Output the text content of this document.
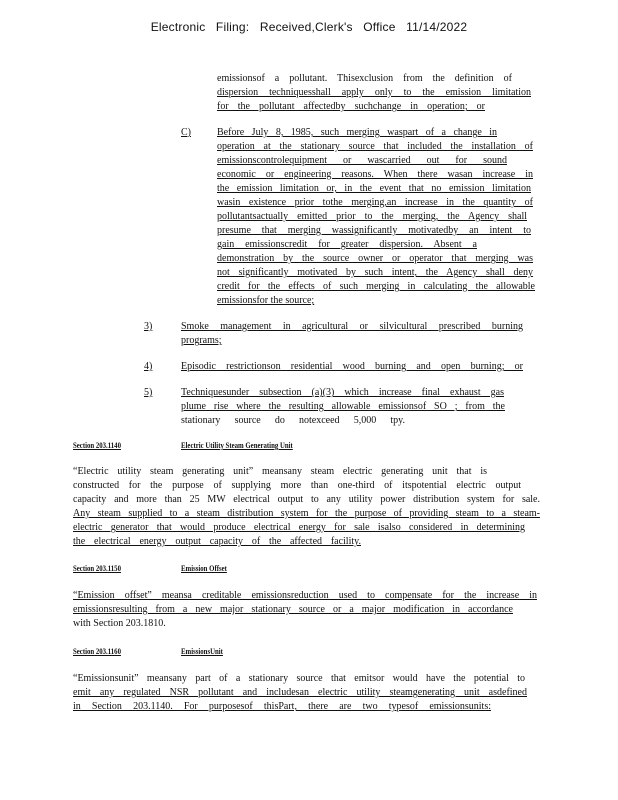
Electronic Filing: Received,Clerk's Office 11/14/2022
emissionsof a pollutant. Thisexclusion from the definition of
dispersion techniquesshall apply only to the emission limitation
for the pollutant affectedby suchchange in operation; or
C)	Before July 8, 1985, such merging waspart of a change in
operation at the stationary source that included the installation of
emissionscontrolequipment or wascarried out for sound
economic or engineering reasons. When there wasan increase in
the emission limitation or, in the event that no emission limitation
wasin existence prior tothe merging,an increase in the quantity of
pollutantsactually emitted prior to the merging, the Agency shall
presume that merging wassignificantly motivatedby an intent to
gain emissionscredit for greater dispersion. Absent a
demonstration by the source owner or operator that merging was
not significantly motivated by such intent, the Agency shall deny
credit for the effects of such merging in calculating the allowable
emissionsfor the source;
3)	Smoke management in agricultural or silvicultural prescribed burning
programs;
4)	Episodic restrictionson residential wood burning and open burning; or
5)	Techniquesunder subsection (a)(3) which increase final exhaust gas
plume rise where the resulting allowable emissionsof SO ; from the
stationary source do notexceed 5,000 tpy.
Section 203.1140	Electric Utility Steam Generating Unit
“Electric utility steam generating unit” meansany steam electric generating unit that is
constructed for the purpose of supplying more than one-third of itspotential electric output
capacity and more than 25 MW electrical output to any utility power distribution system for sale.
Any steam supplied to a steam distribution system for the purpose of providing steam to a steam-
electric generator that would produce electrical energy for sale isalso considered in determining
the electrical energy output capacity of the affected facility.
Section 203.1150	Emission Offset
“Emission offset” meansa creditable emissionsreduction used to compensate for the increase in
emissionsresulting from a new major stationary source or a major modification in accordance
with Section 203.1810.
Section 203.1160	EmissionsUnit
“Emissionsunit” meansany part of a stationary source that emitsor would have the potential to
emit any regulated NSR pollutant and includesan electric utility steamgenerating unit asdefined
in Section 203.1140. For purposesof thisPart, there are two typesof emissionsunits:
